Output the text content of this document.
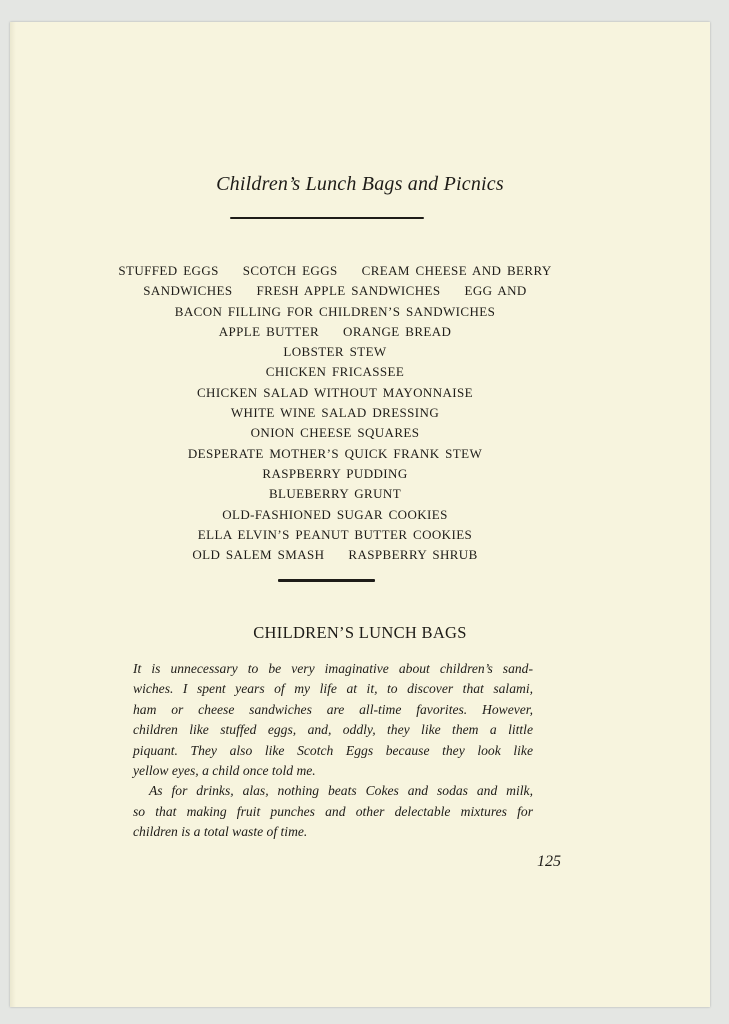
Children’s Lunch Bags and Picnics
STUFFED EGGS SCOTCH EGGS CREAM CHEESE AND BERRY
SANDWICHES FRESH APPLE SANDWICHES EGG AND
BACON FILLING FOR CHILDREN’S SANDWICHES
APPLE BUTTER ORANGE BREAD
LOBSTER STEW
CHICKEN FRICASSEE
CHICKEN SALAD WITHOUT MAYONNAISE
WHITE WINE SALAD DRESSING
ONION CHEESE SQUARES
DESPERATE MOTHER’S QUICK FRANK STEW
RASPBERRY PUDDING
BLUEBERRY GRUNT
OLD-FASHIONED SUGAR COOKIES
ELLA ELVIN’S PEANUT BUTTER COOKIES
OLD SALEM SMASH RASPBERRY SHRUB
CHILDREN’S LUNCH BAGS
It is unnecessary to be very imaginative about children’s sand-
wiches. I spent years of my life at it, to discover that salami,
ham or cheese sandwiches are all-time favorites. However,
children like stuffed eggs, and, oddly, they like them a little
piquant. They also like Scotch Eggs because they look like
yellow eyes, a child once told me.
As for drinks, alas, nothing beats Cokes and sodas and milk,
so that making fruit punches and other delectable mixtures for
children is a total waste of time.
125
